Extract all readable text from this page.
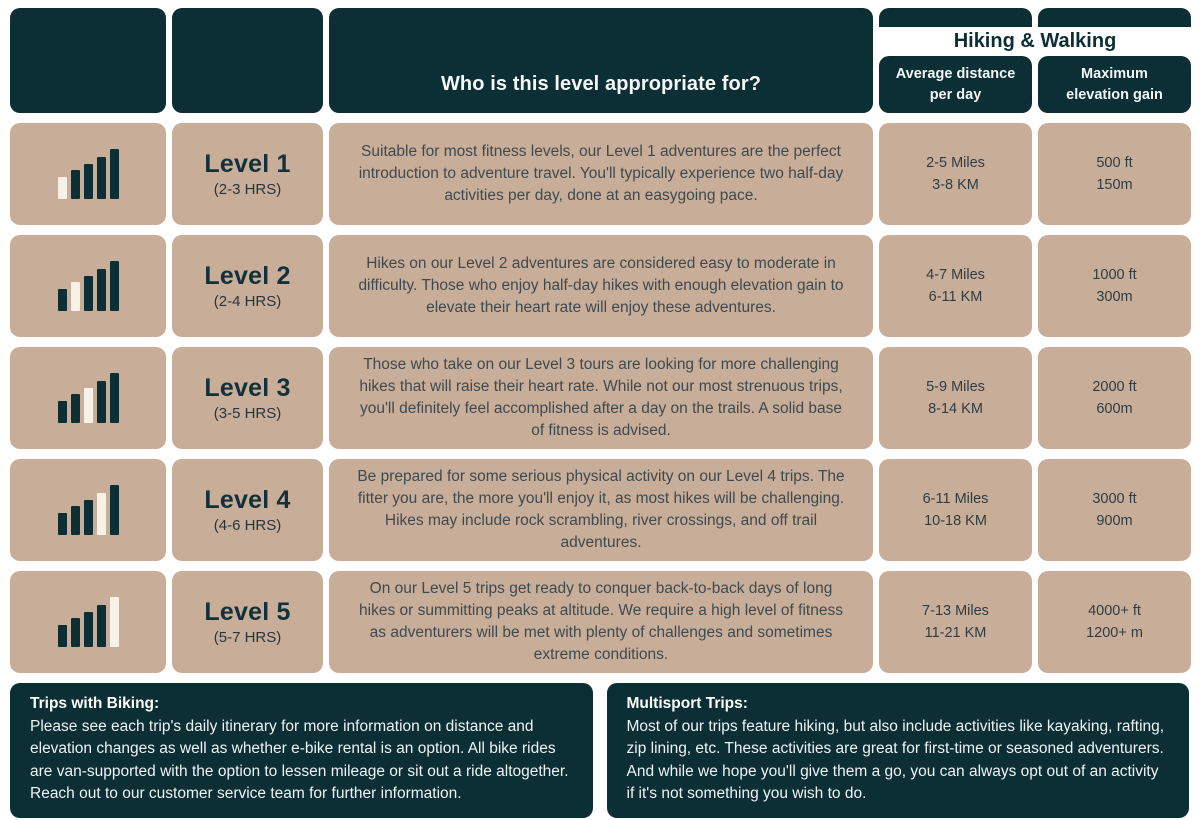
Who is this level appropriate for?
Hiking & Walking
Average distance
per day
Maximum
elevation gain
Level 1
(2-3 HRS)

Suitable for most fitness levels, our Level 1 adventures are the perfect introduction to adventure travel. You'll typically experience two half-day activities per day, done at an easygoing pace.

2-5 Miles
3-8 KM
500 ft
150m
Level 2
(2-4 HRS)

Hikes on our Level 2 adventures are considered easy to moderate in difficulty. Those who enjoy half-day hikes with enough elevation gain to elevate their heart rate will enjoy these adventures.

4-7 Miles
6-11 KM
1000 ft
300m
Level 3
(3-5 HRS)

Those who take on our Level 3 tours are looking for more challenging hikes that will raise their heart rate. While not our most strenuous trips, you'll definitely feel accomplished after a day on the trails. A solid base of fitness is advised.

5-9 Miles
8-14 KM
2000 ft
600m
Level 4
(4-6 HRS)

Be prepared for some serious physical activity on our Level 4 trips. The fitter you are, the more you'll enjoy it, as most hikes will be challenging. Hikes may include rock scrambling, river crossings, and off trail adventures.

6-11 Miles
10-18 KM
3000 ft
900m
Level 5
(5-7 HRS)

On our Level 5 trips get ready to conquer back-to-back days of long hikes or summitting peaks at altitude. We require a high level of fitness as adventurers will be met with plenty of challenges and sometimes extreme conditions.

7-13 Miles
11-21 KM
4000+ ft
1200+ m
Trips with Biking:
Please see each trip's daily itinerary for more information on distance and elevation changes as well as whether e-bike rental is an option. All bike rides are van-supported with the option to lessen mileage or sit out a ride altogether. Reach out to our customer service team for further information.
Multisport Trips:
Most of our trips feature hiking, but also include activities like kayaking, rafting, zip lining, etc. These activities are great for first-time or seasoned adventurers. And while we hope you'll give them a go, you can always opt out of an activity if it's not something you wish to do.
